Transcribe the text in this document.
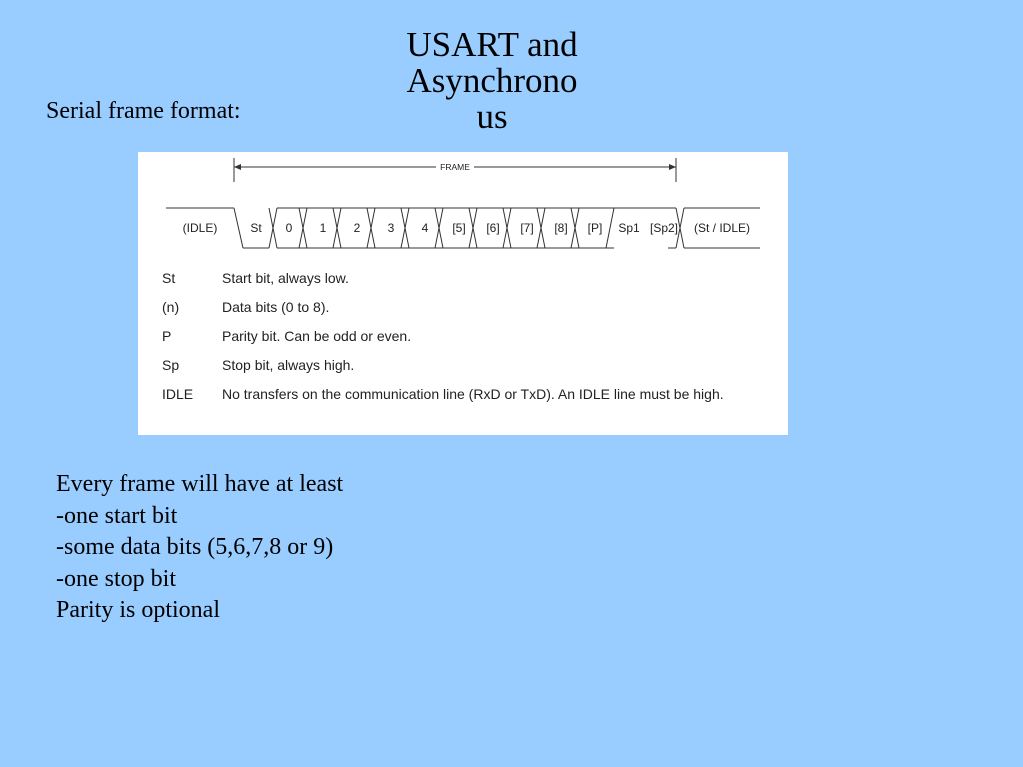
USART and
Asynchrono
us
Serial frame format:
FRAME
(IDLE)	St 0 1 2 3 4 [5] [6] [7] [8] [P] Sp1 [Sp2] (St / IDLE)
St	Start bit, always low.
(n)	Data bits (0 to 8).
P	Parity bit. Can be odd or even.
Sp	Stop bit, always high.
IDLE	No transfers on the communication line (RxD or TxD). An IDLE line must be high.
Every frame will have at least
-one start bit
-some data bits (5,6,7,8 or 9)
-one stop bit
Parity is optional
